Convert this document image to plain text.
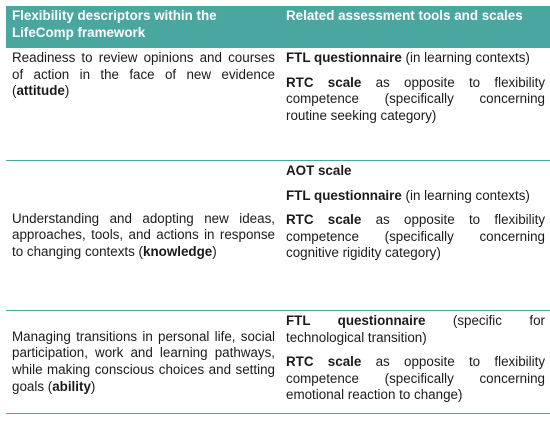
Flexibility descriptors within the LifeComp framework	Related assessment tools and scales
Readiness to review opinions and courses of action in the face of new evidence (attitude)	FTL questionnaire (in learning contexts)

RTC scale as opposite to flexibility competence (specifically concerning routine seeking category)

Understanding and adopting new ideas, approaches, tools, and actions in response to changing contexts (knowledge)	AOT scale

FTL questionnaire (in learning contexts)

RTC scale as opposite to flexibility competence (specifically concerning cognitive rigidity category)

Managing transitions in personal life, social participation, work and learning pathways, while making conscious choices and setting goals (ability)	FTL questionnaire (specific for technological transition)

RTC scale as opposite to flexibility competence (specifically concerning emotional reaction to change)
